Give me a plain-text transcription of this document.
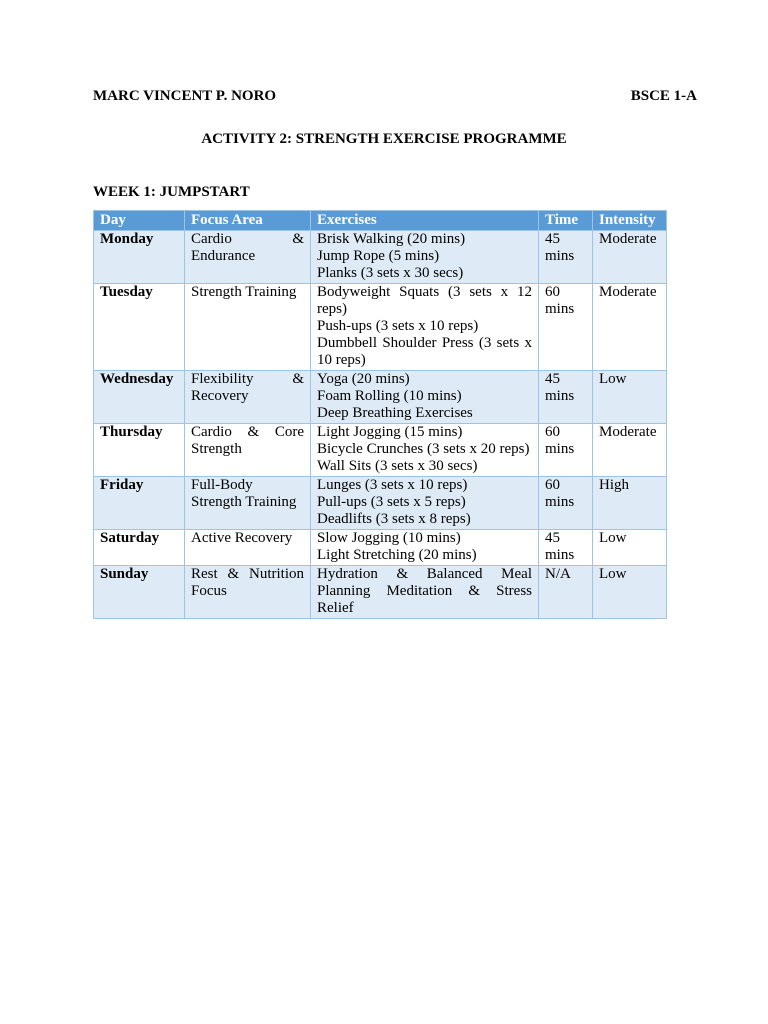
MARC VINCENT P. NORO	BSCE 1-A
ACTIVITY 2: STRENGTH EXERCISE PROGRAMME
WEEK 1: JUMPSTART
Day	Focus Area	Exercises	Time	Intensity
Monday	Cardio & Endurance	Brisk Walking (20 mins)
Jump Rope (5 mins)
Planks (3 sets x 30 secs)	45 mins	Moderate
Tuesday	Strength Training	Bodyweight Squats (3 sets x 12 reps)
Push-ups (3 sets x 10 reps)
Dumbbell Shoulder Press (3 sets x 10 reps)	60 mins	Moderate
Wednesday	Flexibility & Recovery	Yoga (20 mins)
Foam Rolling (10 mins)
Deep Breathing Exercises	45 mins	Low
Thursday	Cardio & Core Strength	Light Jogging (15 mins)
Bicycle Crunches (3 sets x 20 reps)
Wall Sits (3 sets x 30 secs)	60 mins	Moderate
Friday	Full-Body Strength Training	Lunges (3 sets x 10 reps)
Pull-ups (3 sets x 5 reps)
Deadlifts (3 sets x 8 reps)	60 mins	High
Saturday	Active Recovery	Slow Jogging (10 mins)
Light Stretching (20 mins)	45 mins	Low
Sunday	Rest & Nutrition Focus	Hydration & Balanced Meal Planning Meditation & Stress Relief	N/A	Low
